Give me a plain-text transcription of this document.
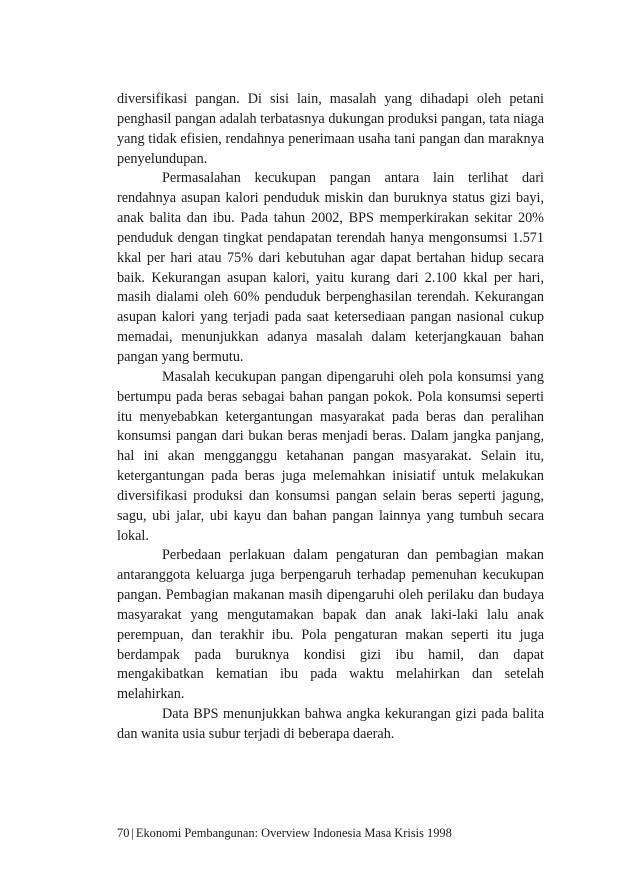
diversifikasi pangan. Di sisi lain, masalah yang dihadapi oleh petani penghasil pangan adalah terbatasnya dukungan produksi pangan, tata niaga yang tidak efisien, rendahnya penerimaan usaha tani pangan dan maraknya penyelundupan.

Permasalahan kecukupan pangan antara lain terlihat dari rendahnya asupan kalori penduduk miskin dan buruknya status gizi bayi, anak balita dan ibu. Pada tahun 2002, BPS memperkirakan sekitar 20% penduduk dengan tingkat pendapatan terendah hanya mengonsumsi 1.571 kkal per hari atau 75% dari kebutuhan agar dapat bertahan hidup secara baik. Kekurangan asupan kalori, yaitu kurang dari 2.100 kkal per hari, masih dialami oleh 60% penduduk berpenghasilan terendah. Kekurangan asupan kalori yang terjadi pada saat ketersediaan pangan nasional cukup memadai, menunjukkan adanya masalah dalam keterjangkauan bahan pangan yang bermutu.

Masalah kecukupan pangan dipengaruhi oleh pola konsumsi yang bertumpu pada beras sebagai bahan pangan pokok. Pola konsumsi seperti itu menyebabkan ketergantungan masyarakat pada beras dan peralihan konsumsi pangan dari bukan beras menjadi beras. Dalam jangka panjang, hal ini akan mengganggu ketahanan pangan masyarakat. Selain itu, ketergantungan pada beras juga melemahkan inisiatif untuk melakukan diversifikasi produksi dan konsumsi pangan selain beras seperti jagung, sagu, ubi jalar, ubi kayu dan bahan pangan lainnya yang tumbuh secara lokal.

Perbedaan perlakuan dalam pengaturan dan pembagian makan antaranggota keluarga juga berpengaruh terhadap pemenuhan kecukupan pangan. Pembagian makanan masih dipengaruhi oleh perilaku dan budaya masyarakat yang mengutamakan bapak dan anak laki-laki lalu anak perempuan, dan terakhir ibu. Pola pengaturan makan seperti itu juga berdampak pada buruknya kondisi gizi ibu hamil, dan dapat mengakibatkan kematian ibu pada waktu melahirkan dan setelah melahirkan.

Data BPS menunjukkan bahwa angka kekurangan gizi pada balita dan wanita usia subur terjadi di beberapa daerah.

70 | Ekonomi Pembangunan: Overview Indonesia Masa Krisis 1998
